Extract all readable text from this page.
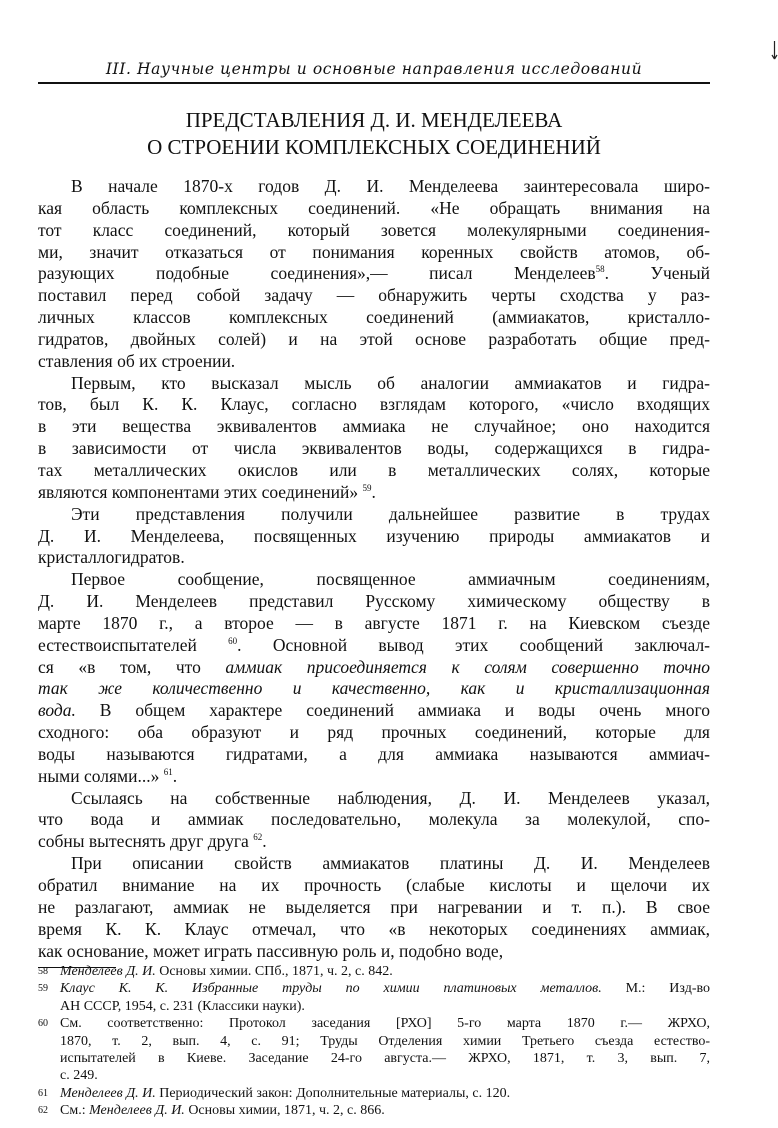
III. Научные центры и основные направления исследований
ПРЕДСТАВЛЕНИЯ Д. И. МЕНДЕЛЕЕВА
О СТРОЕНИИ КОМПЛЕКСНЫХ СОЕДИНЕНИЙ
В начале 1870-х годов Д. И. Менделеева заинтересовала широ-
кая область комплексных соединений. «Не обращать внимания на
тот класс соединений, который зовется молекулярными соединения-
ми, значит отказаться от понимания коренных свойств атомов, об-
разующих подобные соединения»,— писал Менделеев$^{58}$. Ученый
поставил перед собой задачу — обнаружить черты сходства у раз-
личных классов комплексных соединений (аммиакатов, кристалло-
гидратов, двойных солей) и на этой основе разработать общие пред-
ставления об их строении.
Первым, кто высказал мысль об аналогии аммиакатов и гидра-
тов, был К. К. Клаус, согласно взглядам которого, «число входящих
в эти вещества эквивалентов аммиака не случайное; оно находится
в зависимости от числа эквивалентов воды, содержащихся в гидра-
тах металлических окислов или в металлических солях, которые
являются компонентами этих соединений» $^{59}$.
Эти представления получили дальнейшее развитие в трудах
Д. И. Менделеева, посвященных изучению природы аммиакатов и
кристаллогидратов.
Первое сообщение, посвященное аммиачным соединениям,
Д. И. Менделеев представил Русскому химическому обществу в
марте 1870 г., а второе — в августе 1871 г. на Киевском съезде
естествоиспытателей $^{60}$. Основной вывод этих сообщений заключал-
ся «в том, что аммиак присоединяется к солям совершенно точно
так же количественно и качественно, как и кристаллизационная
вода. В общем характере соединений аммиака и воды очень много
сходного: оба образуют и ряд прочных соединений, которые для
воды называются гидратами, а для аммиака называются аммиач-
ными солями...» $^{61}$.
Ссылаясь на собственные наблюдения, Д. И. Менделеев указал,
что вода и аммиак последовательно, молекула за молекулой, спо-
собны вытеснять друг друга $^{62}$.
При описании свойств аммиакатов платины Д. И. Менделеев
обратил внимание на их прочность (слабые кислоты и щелочи их
не разлагают, аммиак не выделяется при нагревании и т. п.). В свое
время К. К. Клаус отмечал, что «в некоторых соединениях аммиак,
как основание, может играть пассивную роль и, подобно воде,
58 Менделеев Д. И. Основы химии. СПб., 1871, ч. 2, с. 842.
59 Клаус К. К. Избранные труды по химии платиновых металлов. М.: Изд-во
АН СССР, 1954, с. 231 (Классики науки).
60 См. соответственно: Протокол заседания [РХО] 5-го марта 1870 г.— ЖРХО,
1870, т. 2, вып. 4, с. 91; Труды Отделения химии Третьего съезда естество-
испытателей в Киеве. Заседание 24-го августа.— ЖРХО, 1871, т. 3, вып. 7,
с. 249.
61 Менделеев Д. И. Периодический закон: Дополнительные материалы, с. 120.
62 См.: Менделеев Д. И. Основы химии, 1871, ч. 2, с. 866.
